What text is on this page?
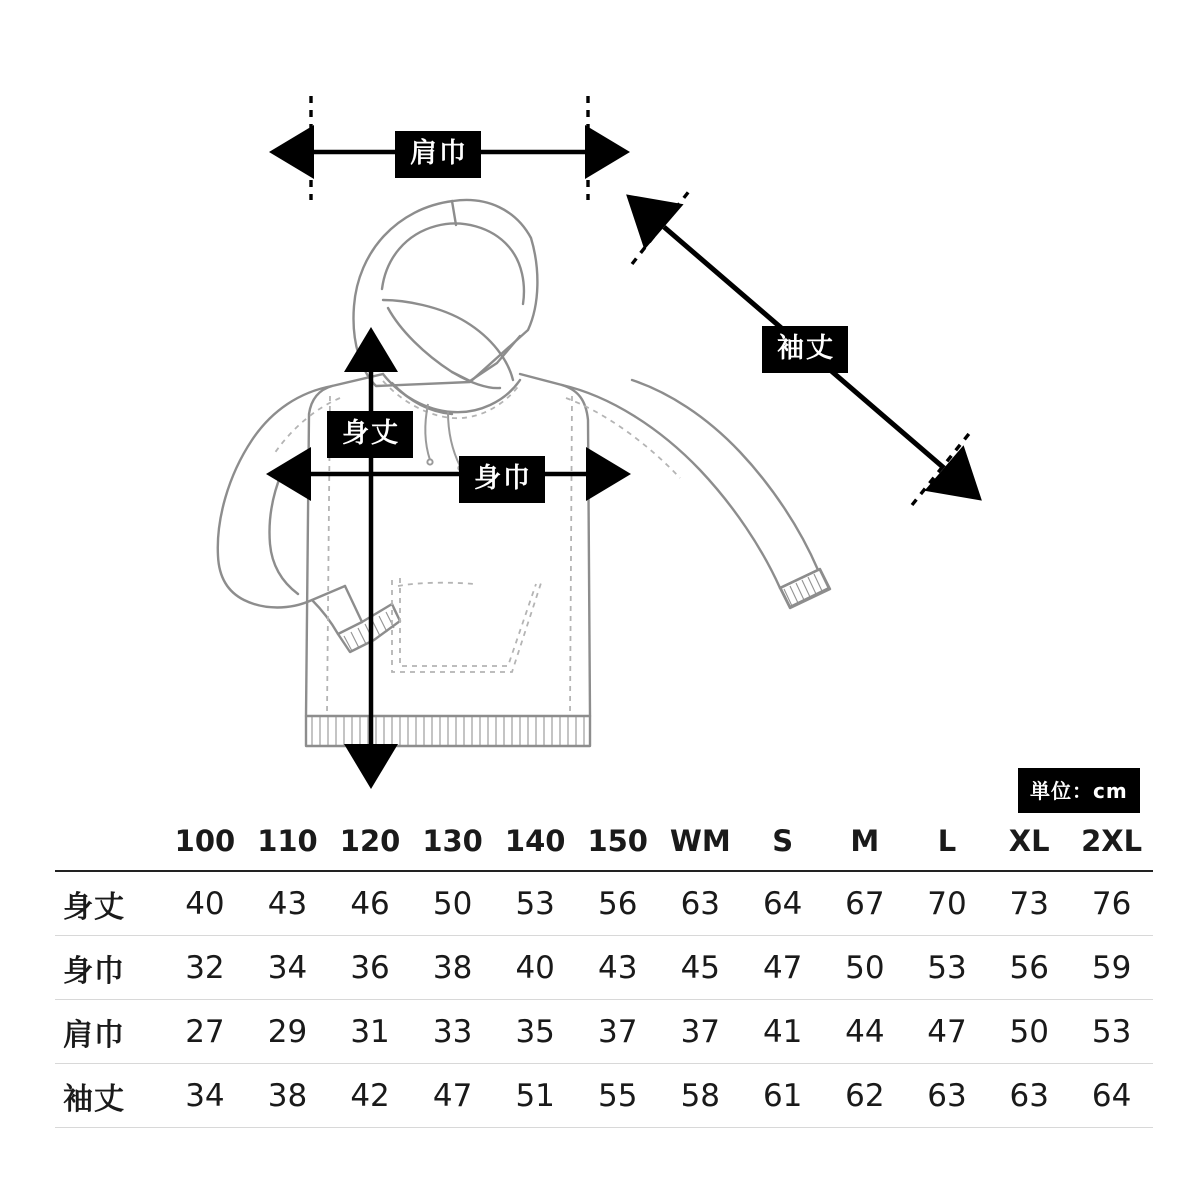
肩巾
袖丈
身丈
身巾
単位：cm
	100	110	120	130	140	150	WM	S	M	L	XL	2XL
身丈	40	43	46	50	53	56	63	64	67	70	73	76
身巾	32	34	36	38	40	43	45	47	50	53	56	59
肩巾	27	29	31	33	35	37	37	41	44	47	50	53
袖丈	34	38	42	47	51	55	58	61	62	63	63	64
